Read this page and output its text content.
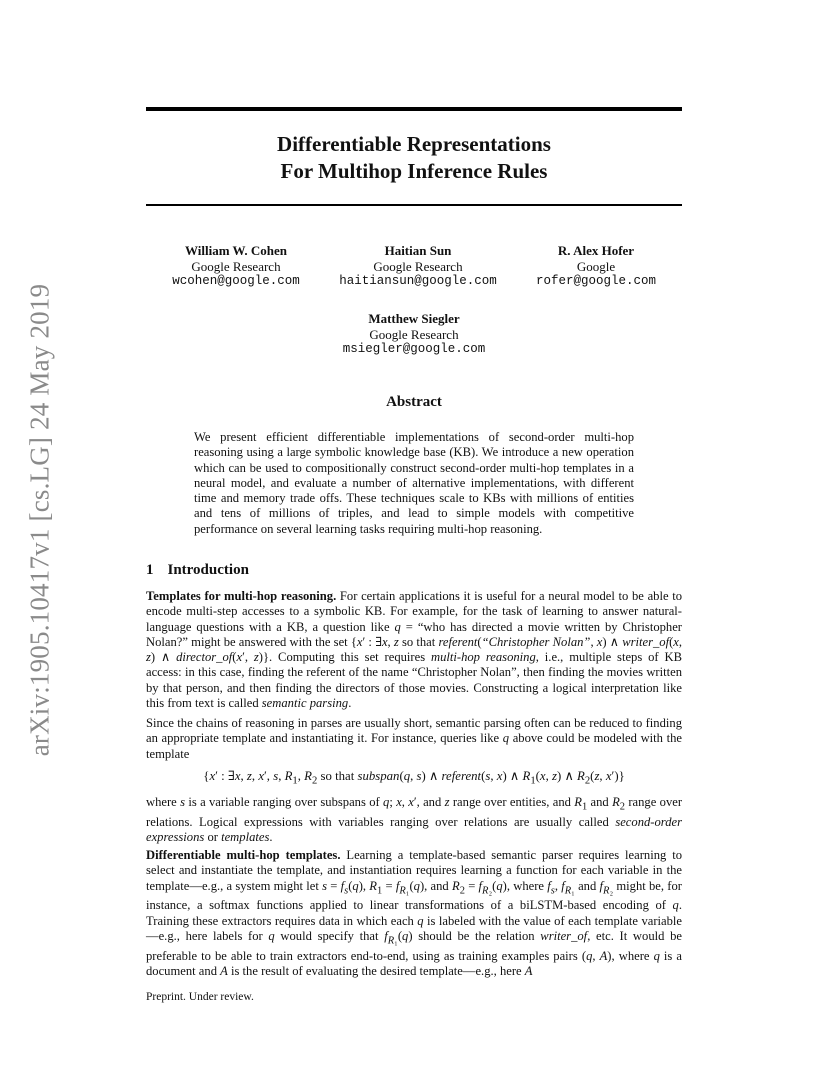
arXiv:1905.10417v1 [cs.LG] 24 May 2019
Differentiable Representations
For Multihop Inference Rules
William W. Cohen
Google Research
wcohen@google.com
Haitian Sun
Google Research
haitiansun@google.com
R. Alex Hofer
Google
rofer@google.com
Matthew Siegler
Google Research
msiegler@google.com
Abstract
We present efficient differentiable implementations of second-order multi-hop reasoning using a large symbolic knowledge base (KB). We introduce a new operation which can be used to compositionally construct second-order multi-hop templates in a neural model, and evaluate a number of alternative implementations, with different time and memory trade offs. These techniques scale to KBs with millions of entities and tens of millions of triples, and lead to simple models with competitive performance on several learning tasks requiring multi-hop reasoning.
1 Introduction
Templates for multi-hop reasoning. For certain applications it is useful for a neural model to be able to encode multi-step accesses to a symbolic KB. For example, for the task of learning to answer natural-language questions with a KB, a question like q = “who has directed a movie written by Christopher Nolan?” might be answered with the set {x′ : ∃x, z so that referent(“Christopher Nolan”, x) ∧ writer_of(x, z) ∧ director_of(x′, z)}. Computing this set requires multi-hop reasoning, i.e., multiple steps of KB access: in this case, finding the referent of the name “Christopher Nolan”, then finding the movies written by that person, and then finding the directors of those movies. Constructing a logical interpretation like this from text is called semantic parsing.
Since the chains of reasoning in parses are usually short, semantic parsing often can be reduced to finding an appropriate template and instantiating it. For instance, queries like q above could be modeled with the template
{x′ : ∃x, z, x′, s, $R_1$, $R_2$ so that subspan(q, s) ∧ referent(s, x) ∧ $R_1(x$, z) ∧ $R_2(z$, x′)}
where s is a variable ranging over subspans of q; x, x′, and z range over entities, and $R_1$ and $R_2$ range over relations. Logical expressions with variables ranging over relations are usually called second-order expressions or templates.
Differentiable multi-hop templates. Learning a template-based semantic parser requires learning to select and instantiate the template, and instantiation requires learning a function for each variable in the template—e.g., a system might let $s = f_s(q)$, $R_1 = f_{R_1}(q)$, and $R_2 = f_{R_2}(q)$, where $f_s$, $f_{R_1}$ and $f_{R_2}$ might be, for instance, a softmax functions applied to linear transformations of a biLSTM-based encoding of q. Training these extractors requires data in which each q is labeled with the value of each template variable—e.g., here labels for q would specify that $f_{R_1}(q)$ should be the relation writer_of, etc. It would be preferable to be able to train extractors end-to-end, using as training examples pairs (q, A), where q is a document and A is the result of evaluating the desired template—e.g., here A
Preprint. Under review.
